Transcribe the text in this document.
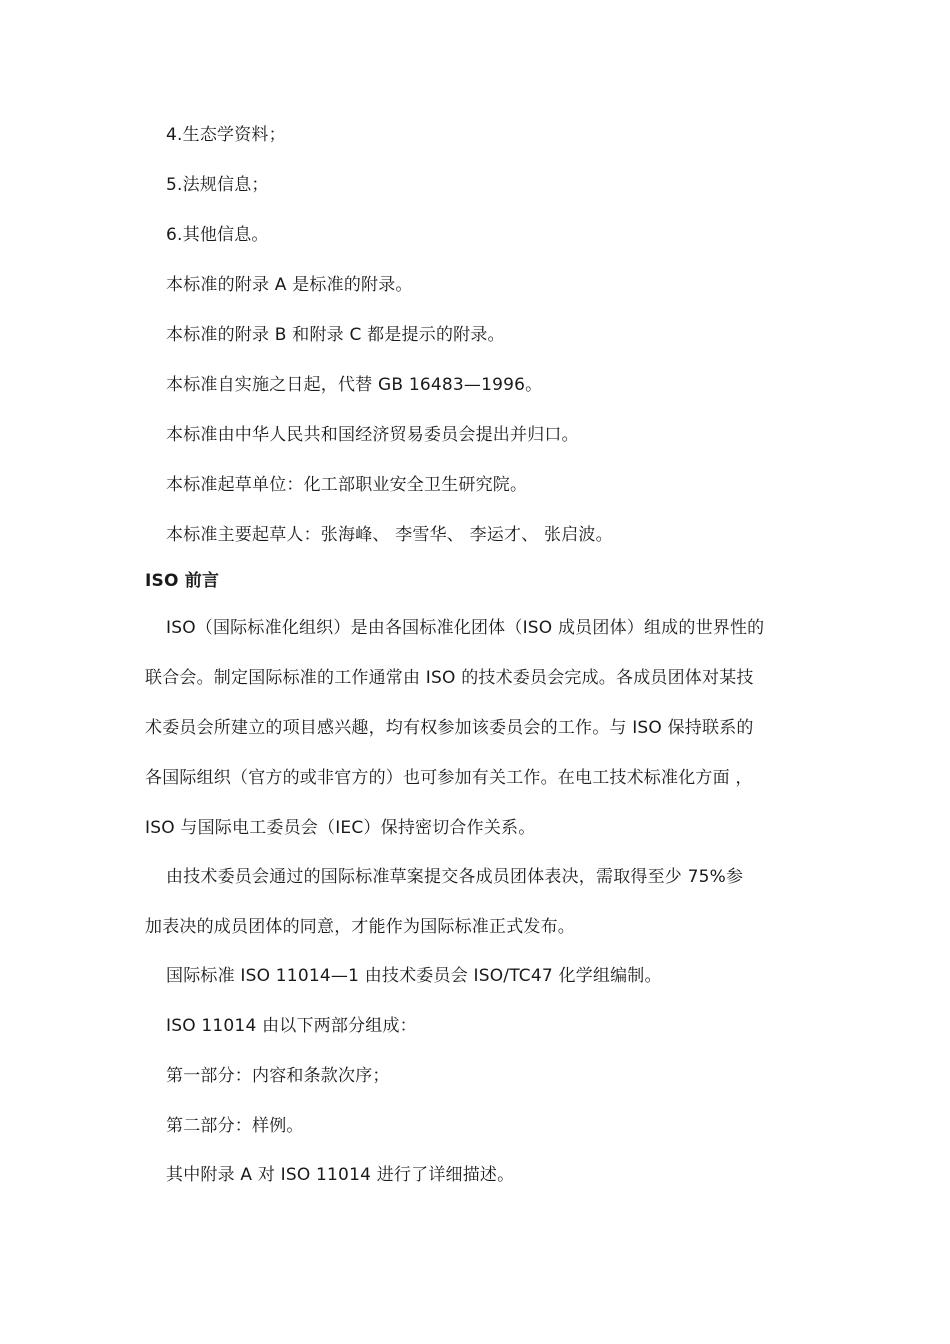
4.生态学资料；
5.法规信息；
6.其他信息。
本标准的附录 A 是标准的附录。
本标准的附录 B 和附录 C 都是提示的附录。
本标准自实施之日起，代替 GB 16483—1996。
本标准由中华人民共和国经济贸易委员会提出并归口。
本标准起草单位：化工部职业安全卫生研究院。
本标准主要起草人：张海峰、 李雪华、 李运才、 张启波。
ISO 前言
ISO（国际标准化组织）是由各国标准化团体（ISO 成员团体）组成的世界性的
联合会。制定国际标准的工作通常由 ISO 的技术委员会完成。各成员团体对某技
术委员会所建立的项目感兴趣，均有权参加该委员会的工作。与 ISO 保持联系的
各国际组织（官方的或非官方的）也可参加有关工作。在电工技术标准化方面 ，
ISO 与国际电工委员会（IEC）保持密切合作关系。
由技术委员会通过的国际标准草案提交各成员团体表决，需取得至少 75%参
加表决的成员团体的同意，才能作为国际标准正式发布。
国际标准 ISO 11014—1 由技术委员会 ISO/TC47 化学组编制。
ISO 11014 由以下两部分组成：
第一部分：内容和条款次序；
第二部分：样例。
其中附录 A 对 ISO 11014 进行了详细描述。
